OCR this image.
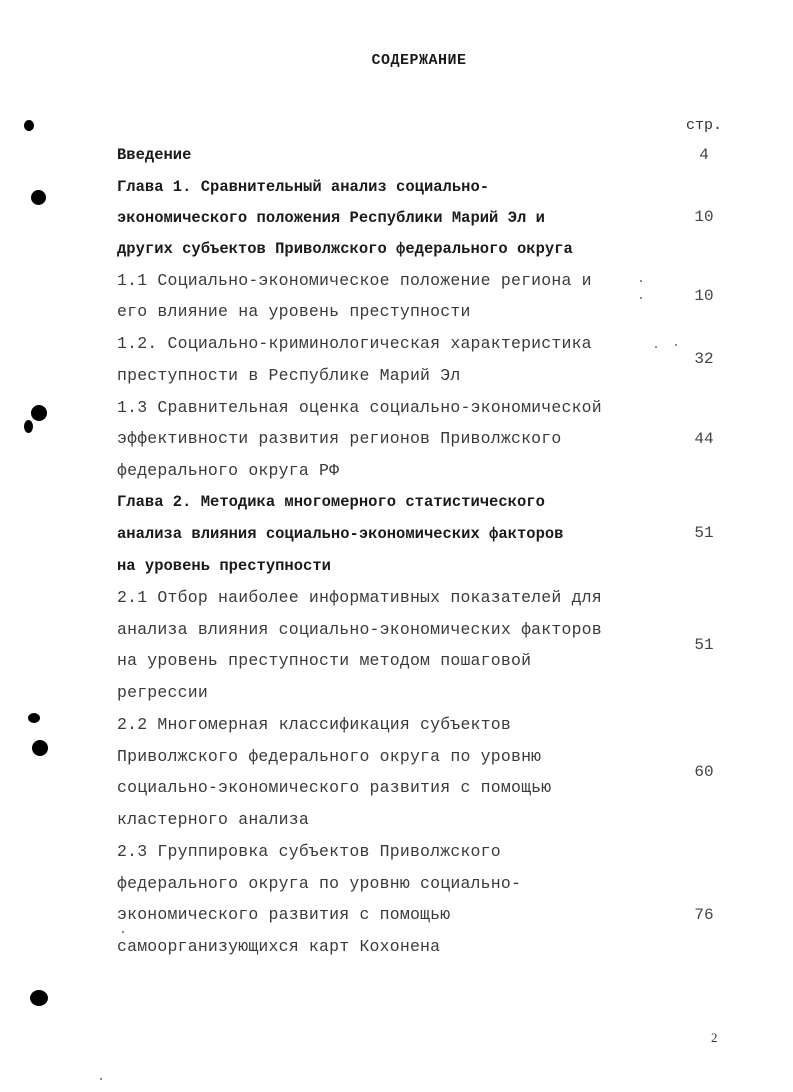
СОДЕРЖАНИЕ
стр.
Введение	4
Глава 1. Сравнительный анализ социально-
экономического положения Республики Марий Эл и
других субъектов Приволжского федерального округа
10
1.1 Социально-экономическое положение региона и
его влияние на уровень преступности
10
1.2. Социально-криминологическая характеристика
преступности в Республике Марий Эл
32
1.3 Сравнительная оценка социально-экономической
эффективности развития регионов Приволжского
федерального округа РФ
44
Глава 2. Методика многомерного статистического
анализа влияния социально-экономических факторов
на уровень преступности
51
2.1 Отбор наиболее информативных показателей для
анализа влияния социально-экономических факторов
на уровень преступности методом пошаговой
регрессии
51
2.2 Многомерная классификация субъектов
Приволжского федерального округа по уровню
социально-экономического развития с помощью
кластерного анализа
60
2.3 Группировка субъектов Приволжского
федерального округа по уровню социально-
экономического развития с помощью
самоорганизующихся карт Кохонена
76
2
